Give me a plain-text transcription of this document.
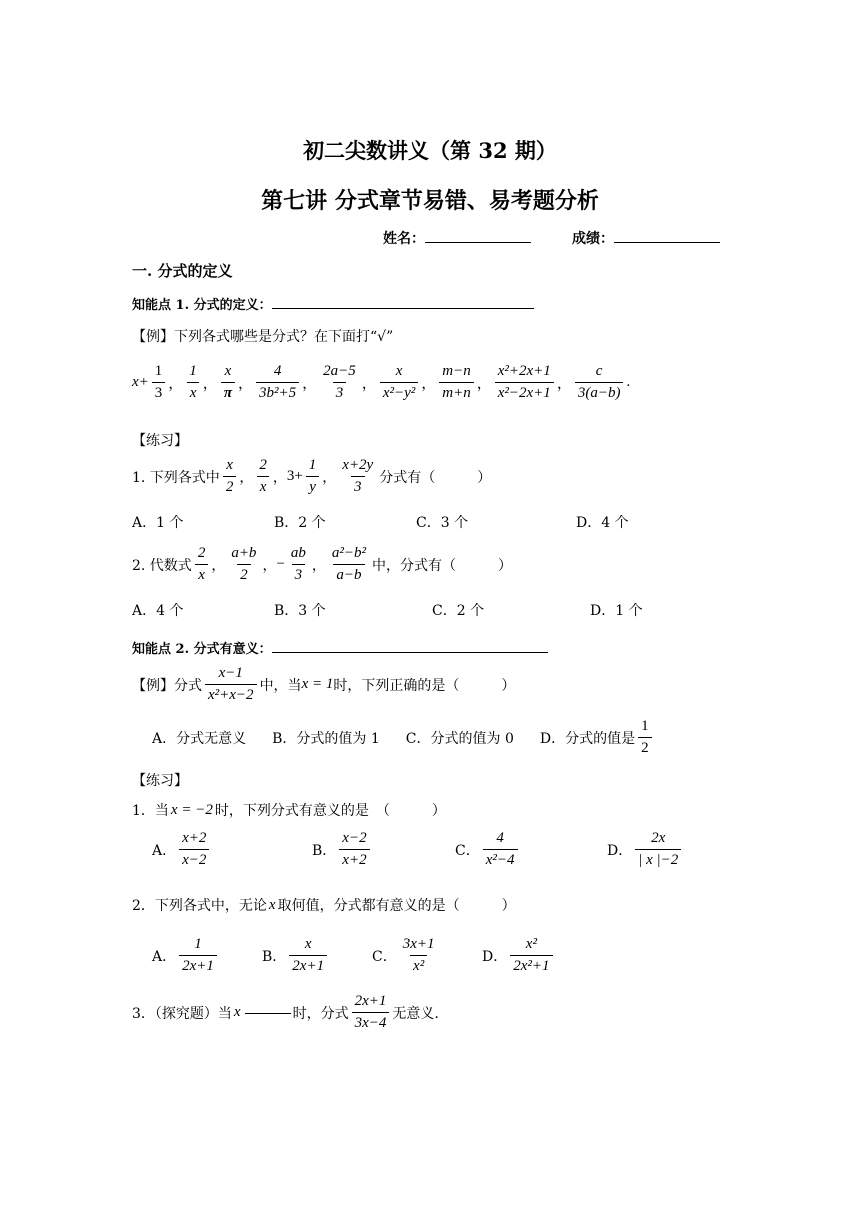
初二尖数讲义（第 32 期）
第七讲 分式章节易错、易考题分析
姓名：	成绩：
一. 分式的定义
知能点 1. 分式的定义：
【例】下列各式哪些是分式？在下面打“√”
$x+ \frac{1}{3}$ ， $\frac{1}{x}$ ， $\frac{x}{\pi}$ ， $\frac{4}{\text{3b²+5}}$ ， $\frac{2a-5}{3}$ ， $\frac{x}{\text{x²−y²}}$ ， $\frac{m-n}{m+n}$ ， $\frac{\text{x²+2x+1}}{\text{x²−2x+1}}$ ， $\frac{c}{3(a-b)}$ .
【练习】
1. 下列各式中 $\frac{x}{2}$ ， $\frac{2}{x}$ ， $3+ \frac{1}{y}$ ， $\frac{x+2y}{3}$ 分式有（　　　）
A．1 个	B．2 个	C．3 个	D．4 个
2. 代数式 $\frac{2}{x}$ ， $\frac{a+b}{2}$ ， − $\frac{ab}{3}$ ， $\frac{\text{a²−b²}}{a-b}$ 中，分式有（　　　）
A．4 个	B．3 个	C．2 个	D．1 个
知能点 2. 分式有意义：
【例】分式 $\frac{x-1}{\text{x²+x−2}}$ 中，当 x = 1 时，下列正确的是（　　　）
A．分式无意义 B．分式的值为 1 C．分式的值为 0 D．分式的值是 $\frac{1}{2}$
【练习】
1．当 x = −2 时，下列分式有意义的是　（　　　）
A． $\frac{x+2}{x-2}$	B． $\frac{x-2}{x+2}$	C． $\frac{4}{\text{x²−4}}$	D． $\frac{2x}{| x |-2}$
2．下列各式中，无论 x 取何值，分式都有意义的是（　　　）
A． $\frac{1}{2x+1}$	B． $\frac{x}{2x+1}$	C． $\frac{3x+1}{\text{x²}}$	D． $\frac{\text{x²}}{\text{2x²+1}}$
3．（探究题）当 x	时，分式 $\frac{2x+1}{3x-4}$ 无意义.
